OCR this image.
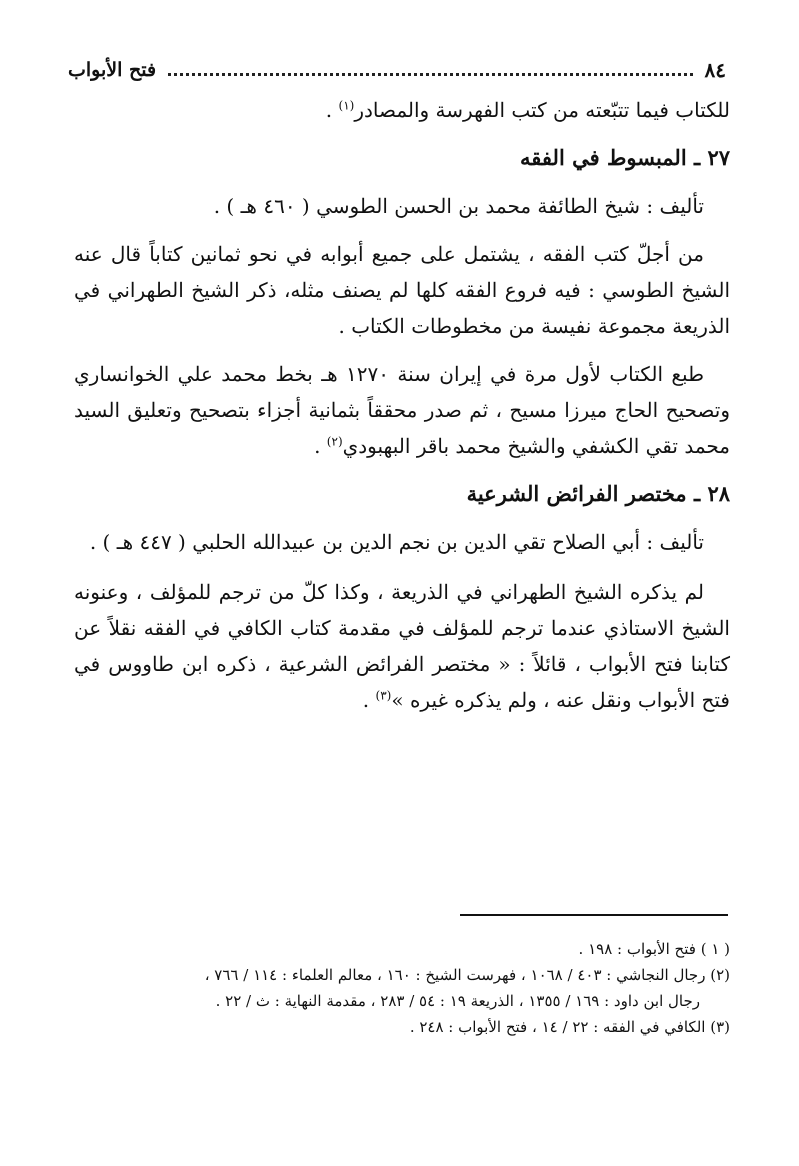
٨٤
فتح الأبواب

للكتاب فيما تتبّعته من كتب الفهرسة والمصادر$^{(١)}$ .

٢٧ ـ المبسوط في الفقه

تأليف : شيخ الطائفة محمد بن الحسن الطوسي ( ٤٦٠ هـ ) .

من أجلّ كتب الفقه ، يشتمل على جميع أبوابه في نحو ثمانين كتاباً قال عنه الشيخ الطوسي : فيه فروع الفقه كلها لم يصنف مثله، ذكر الشيخ الطهراني في الذريعة مجموعة نفيسة من مخطوطات الكتاب .

طبع الكتاب لأول مرة في إيران سنة ١٢٧٠ هـ بخط محمد علي الخوانساري وتصحيح الحاج ميرزا مسيح ، ثم صدر محققاً بثمانية أجزاء بتصحيح وتعليق السيد محمد تقي الكشفي والشيخ محمد باقر البهبودي$^{(٢)}$ .

٢٨ ـ مختصر الفرائض الشرعية

تأليف : أبي الصلاح تقي الدين بن نجم الدين بن عبيدالله الحلبي ( ٤٤٧ هـ ) .

لم يذكره الشيخ الطهراني في الذريعة ، وكذا كلّ من ترجم للمؤلف ، وعنونه الشيخ الاستاذي عندما ترجم للمؤلف في مقدمة كتاب الكافي في الفقه نقلاً عن كتابنا فتح الأبواب ، قائلاً : « مختصر الفرائض الشرعية ، ذكره ابن طاووس في فتح الأبواب ونقل عنه ، ولم يذكره غيره »$^{(٣)}$ .

( ١ ) فتح الأبواب : ١٩٨ .

(٢) رجال النجاشي : ٤٠٣ / ١٠٦٨ ، فهرست الشيخ : ١٦٠ ، معالم العلماء : ١١٤ / ٧٦٦ ،

رجال ابن داود : ١٦٩ / ١٣٥٥ ، الذريعة ١٩ : ٥٤ / ٢٨٣ ، مقدمة النهاية : ث / ٢٢ .

(٣) الكافي في الفقه : ٢٢ / ١٤ ، فتح الأبواب : ٢٤٨ .
